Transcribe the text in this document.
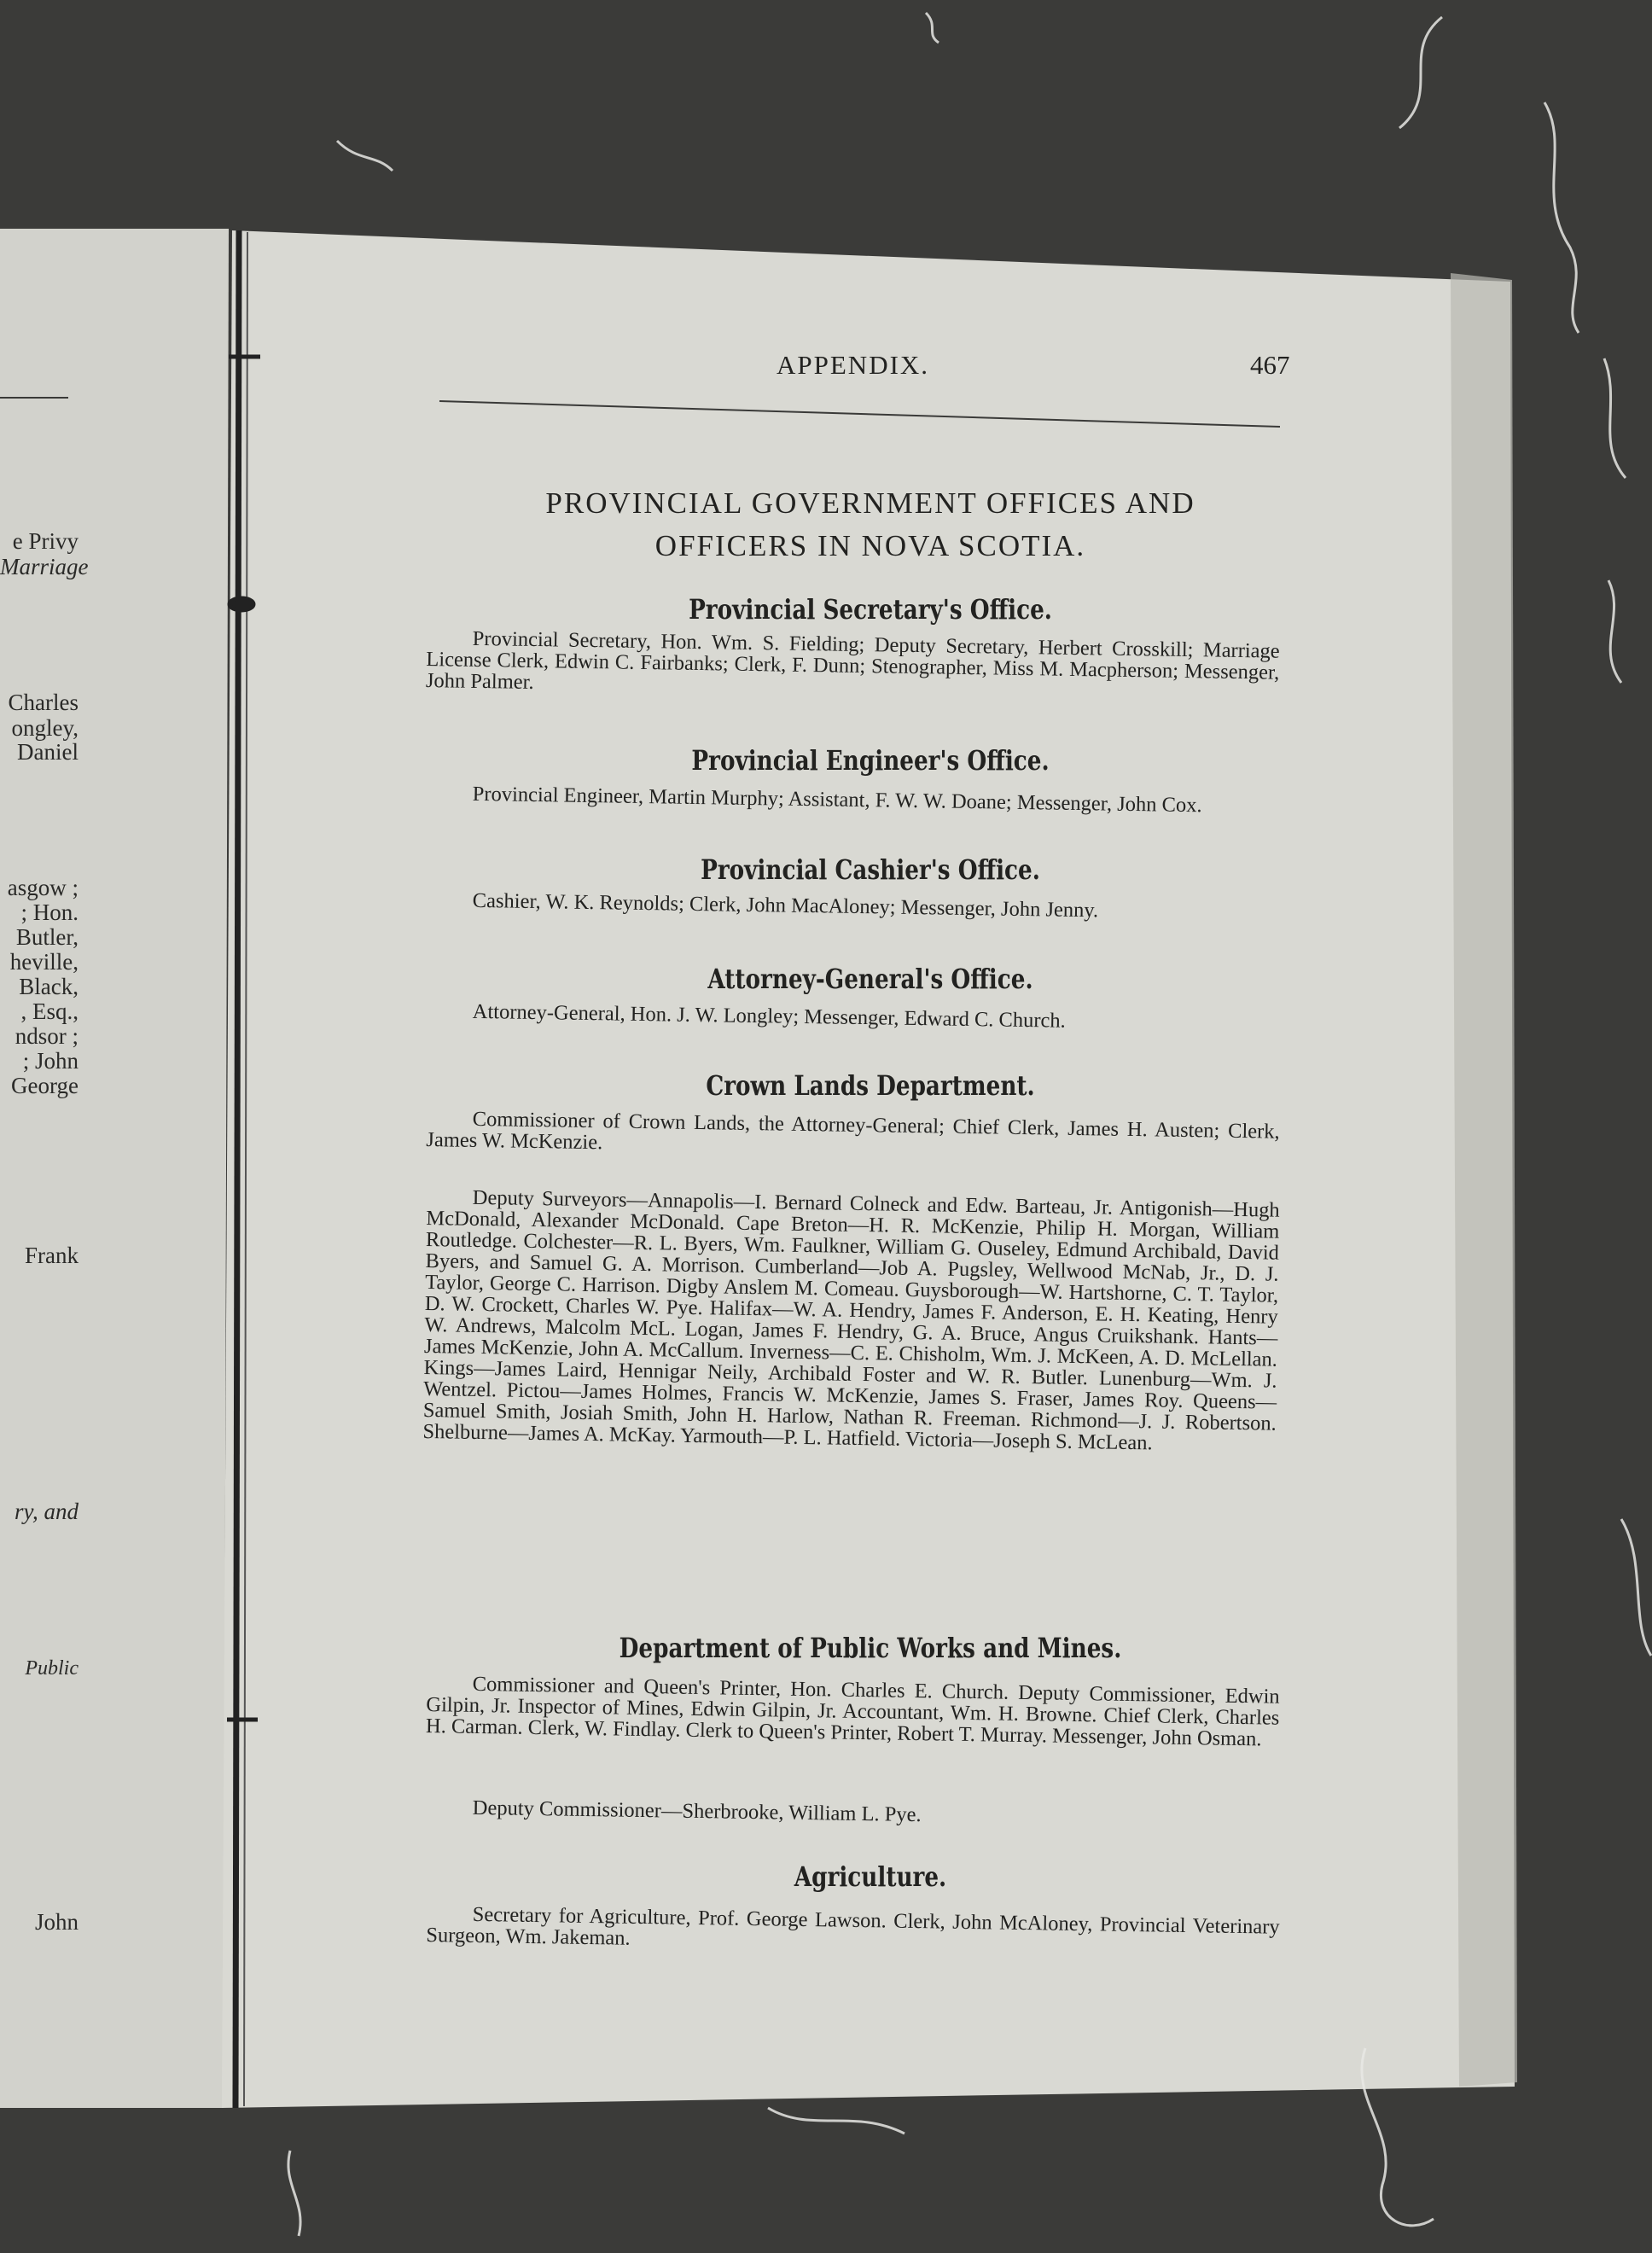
e Privy
Marriage
Charles
ongley,
Daniel
asgow ;
; Hon.
Butler,
heville,
Black,
, Esq.,
ndsor ;
; John
George
Frank
ry, and
Public
John
APPENDIX.	467
PROVINCIAL GOVERNMENT OFFICES AND
OFFICERS IN NOVA SCOTIA.
Provincial Secretary's Office.
Provincial Secretary, Hon. Wm. S. Fielding; Deputy Secretary, Herbert Crosskill; Marriage License Clerk, Edwin C. Fairbanks; Clerk, F. Dunn; Stenographer, Miss M. Macpherson; Messenger, John Palmer.
Provincial Engineer's Office.
Provincial Engineer, Martin Murphy; Assistant, F. W. W. Doane; Messenger, John Cox.
Provincial Cashier's Office.
Cashier, W. K. Reynolds; Clerk, John MacAloney; Messenger, John Jenny.
Attorney-General's Office.
Attorney-General, Hon. J. W. Longley; Messenger, Edward C. Church.
Crown Lands Department.
Commissioner of Crown Lands, the Attorney-General; Chief Clerk, James H. Austen; Clerk, James W. McKenzie.
Deputy Surveyors—Annapolis—I. Bernard Colneck and Edw. Barteau, Jr. Antigonish—Hugh McDonald, Alexander McDonald. Cape Breton—H. R. McKenzie, Philip H. Morgan, William Routledge. Colchester—R. L. Byers, Wm. Faulkner, William G. Ouseley, Edmund Archibald, David Byers, and Samuel G. A. Morrison. Cumberland—Job A. Pugsley, Wellwood McNab, Jr., D. J. Taylor, George C. Harrison. Digby Anslem M. Comeau. Guysborough—W. Hartshorne, C. T. Taylor, D. W. Crockett, Charles W. Pye. Halifax—W. A. Hendry, James F. Anderson, E. H. Keating, Henry W. Andrews, Malcolm McL. Logan, James F. Hendry, G. A. Bruce, Angus Cruikshank. Hants—James McKenzie, John A. McCallum. Inverness—C. E. Chisholm, Wm. J. McKeen, A. D. McLellan. Kings—James Laird, Hennigar Neily, Archibald Foster and W. R. Butler. Lunenburg—Wm. J. Wentzel. Pictou—James Holmes, Francis W. McKenzie, James S. Fraser, James Roy. Queens—Samuel Smith, Josiah Smith, John H. Harlow, Nathan R. Freeman. Richmond—J. J. Robertson. Shelburne—James A. McKay. Yarmouth—P. L. Hatfield. Victoria—Joseph S. McLean.
Department of Public Works and Mines.
Commissioner and Queen's Printer, Hon. Charles E. Church. Deputy Commissioner, Edwin Gilpin, Jr. Inspector of Mines, Edwin Gilpin, Jr. Accountant, Wm. H. Browne. Chief Clerk, Charles H. Carman. Clerk, W. Findlay. Clerk to Queen's Printer, Robert T. Murray. Messenger, John Osman.
Deputy Commissioner—Sherbrooke, William L. Pye.
Agriculture.
Secretary for Agriculture, Prof. George Lawson. Clerk, John McAloney, Provincial Veterinary Surgeon, Wm. Jakeman.
